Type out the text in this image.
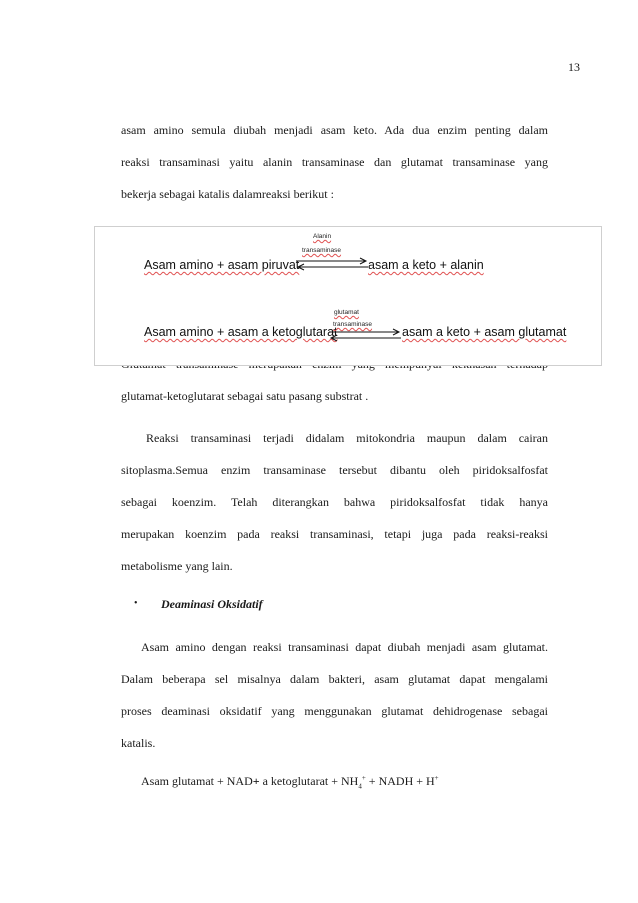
13
asam amino semula diubah menjadi asam keto. Ada dua enzim penting dalam
reaksi transaminasi yaitu alanin transaminase dan glutamat transaminase yang
bekerja sebagai katalis dalamreaksi berikut :
glutamat-ketoglutarat sebagai satu pasang substrat .
Asam amino + asam piruvat
Alanin
transaminase
asam a keto + alanin
Asam amino + asam a ketoglutarat
glutamat
transaminase
asam a keto + asam glutamat
Reaksi transaminasi terjadi didalam mitokondria maupun dalam cairan
sitoplasma.Semua enzim transaminase tersebut dibantu oleh piridoksalfosfat
sebagai koenzim. Telah diterangkan bahwa piridoksalfosfat tidak hanya
merupakan koenzim pada reaksi transaminasi, tetapi juga pada reaksi-reaksi
metabolisme yang lain.
• Deaminasi Oksidatif
Asam amino dengan reaksi transaminasi dapat diubah menjadi asam glutamat.
Dalam beberapa sel misalnya dalam bakteri, asam glutamat dapat mengalami
proses deaminasi oksidatif yang menggunakan glutamat dehidrogenase sebagai
katalis.
Asam glutamat + NAD+ a ketoglutarat + $NH_4^+$ + NADH + H+
